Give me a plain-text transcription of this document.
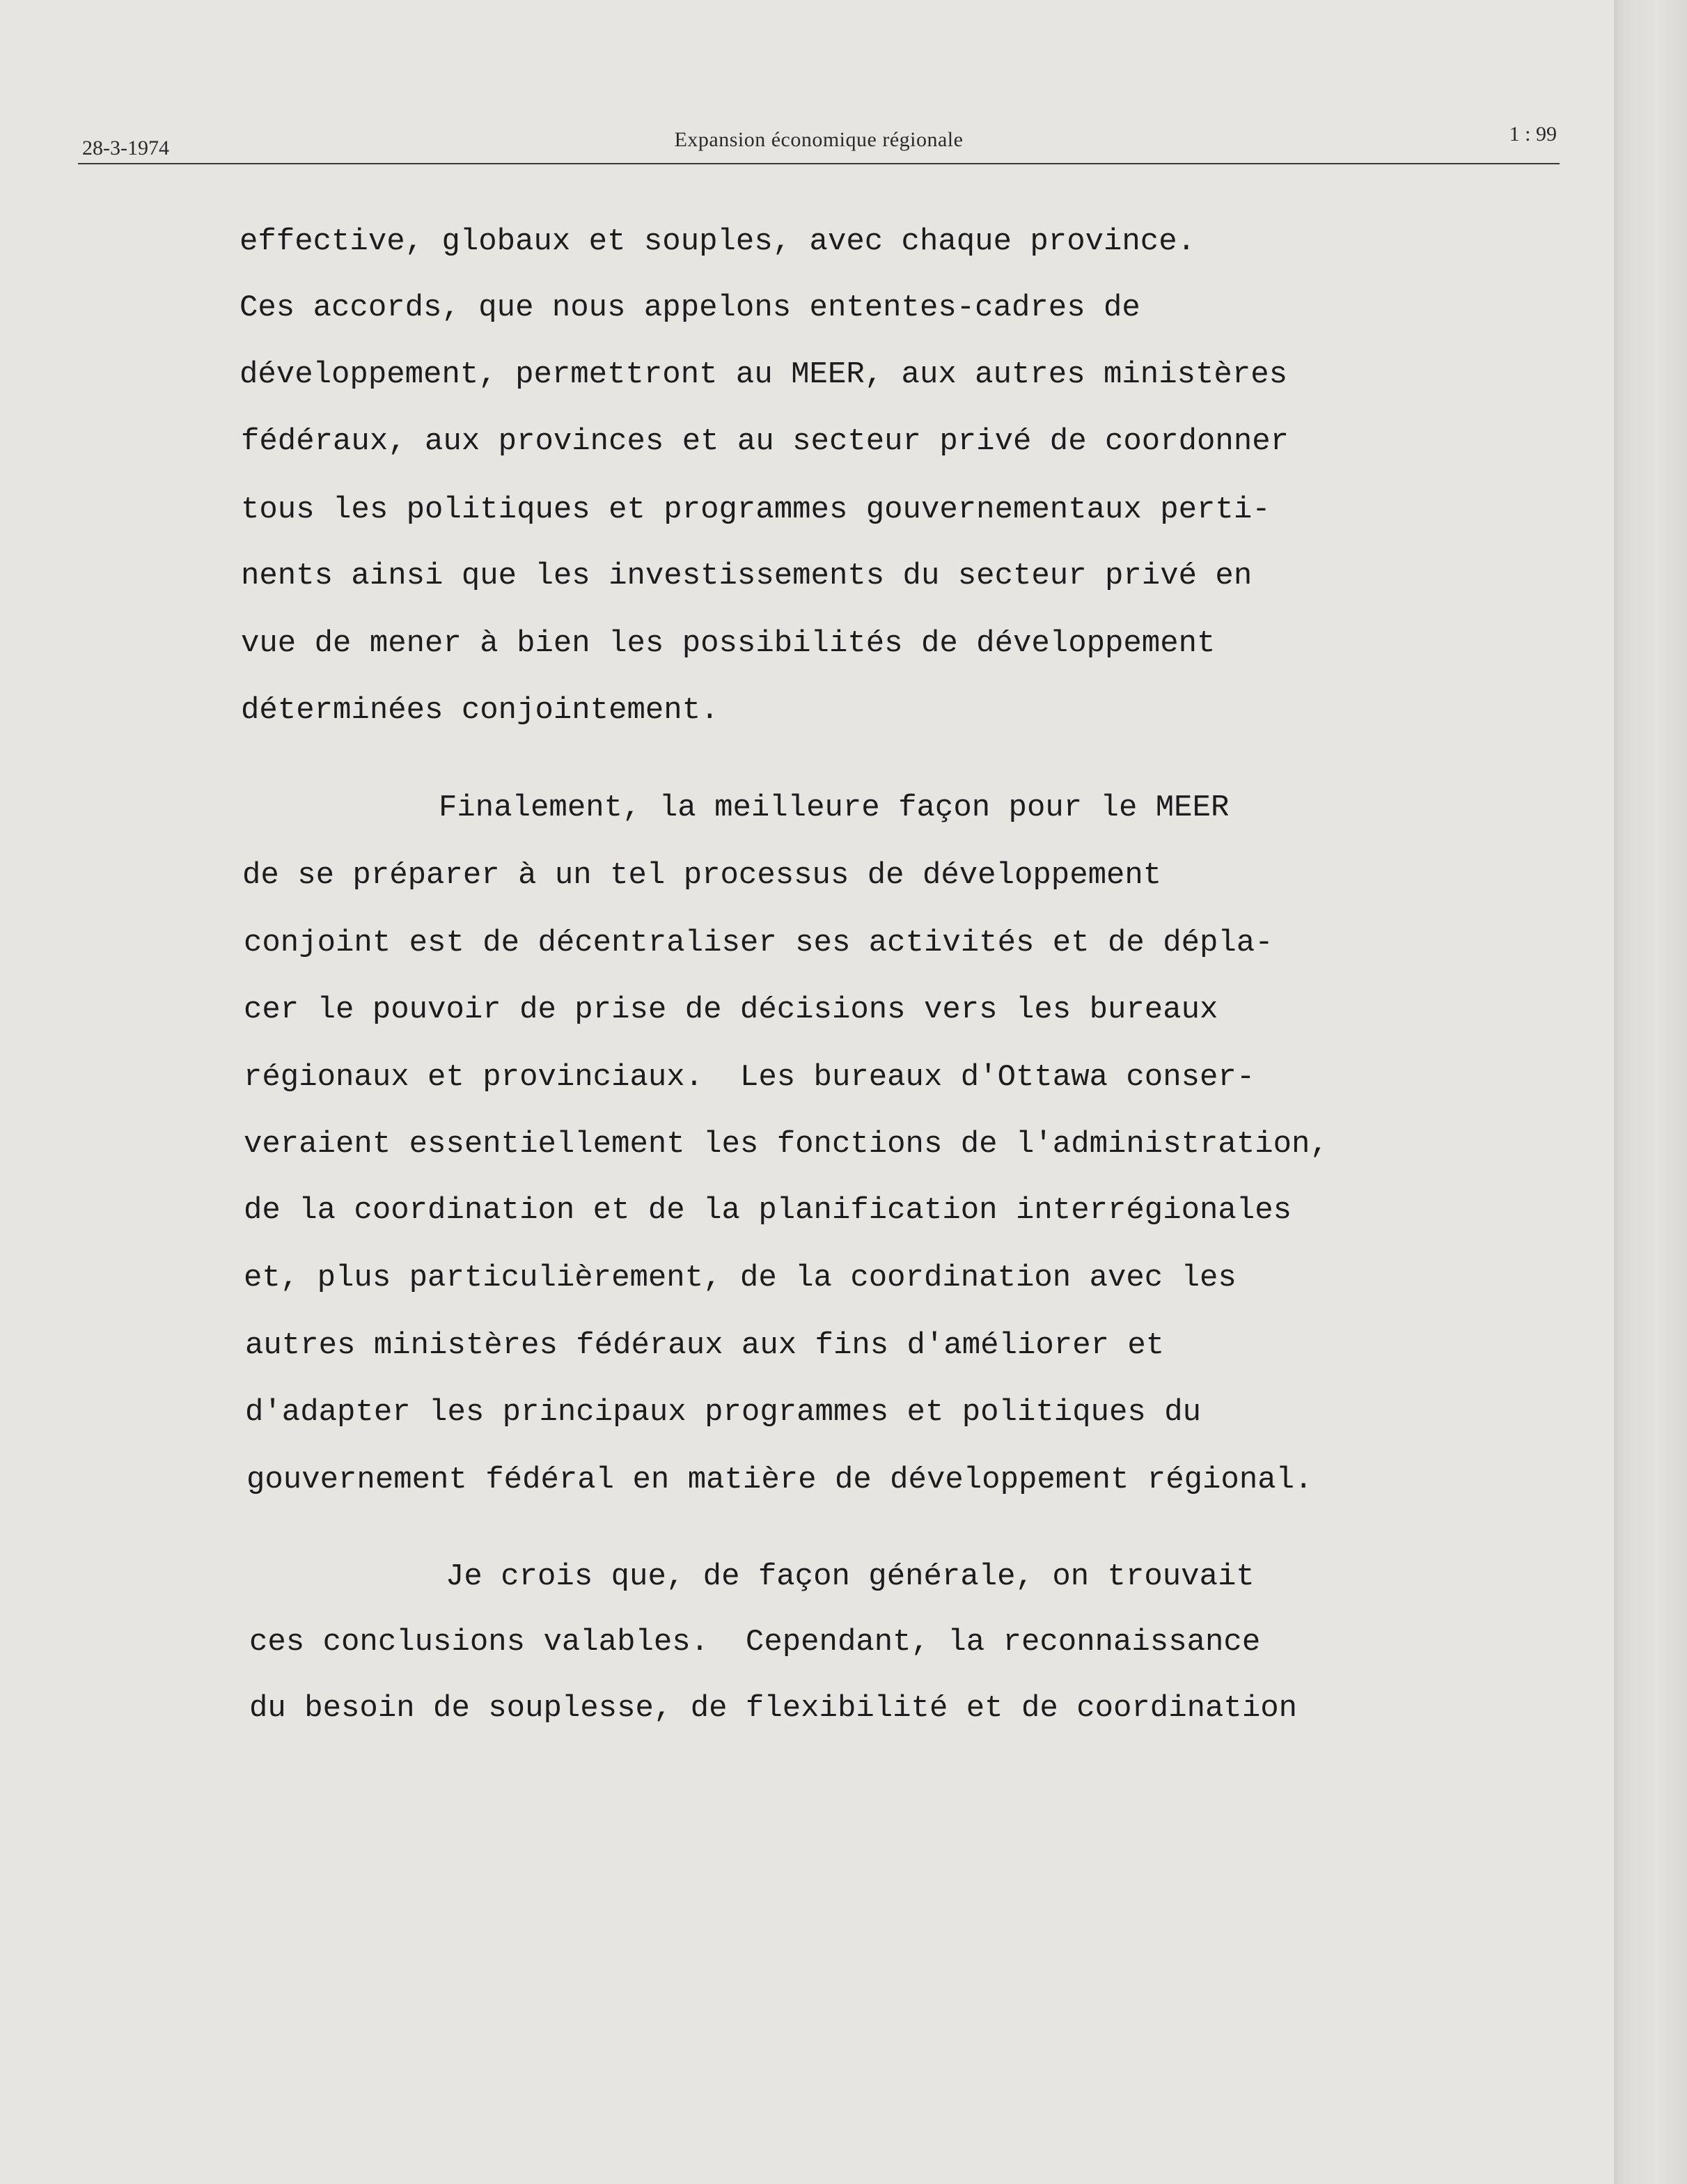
28-3-1974	Expansion économique régionale	1 : 99
effective, globaux et souples, avec chaque province.
Ces accords, que nous appelons ententes-cadres de
développement, permettront au MEER, aux autres ministères
fédéraux, aux provinces et au secteur privé de coordonner
tous les politiques et programmes gouvernementaux perti-
nents ainsi que les investissements du secteur privé en
vue de mener à bien les possibilités de développement
déterminées conjointement.
Finalement, la meilleure façon pour le MEER
de se préparer à un tel processus de développement
conjoint est de décentraliser ses activités et de dépla-
cer le pouvoir de prise de décisions vers les bureaux
régionaux et provinciaux.  Les bureaux d'Ottawa conser-
veraient essentiellement les fonctions de l'administration,
de la coordination et de la planification interrégionales
et, plus particulièrement, de la coordination avec les
autres ministères fédéraux aux fins d'améliorer et
d'adapter les principaux programmes et politiques du
gouvernement fédéral en matière de développement régional.
Je crois que, de façon générale, on trouvait
ces conclusions valables.  Cependant, la reconnaissance
du besoin de souplesse, de flexibilité et de coordination
